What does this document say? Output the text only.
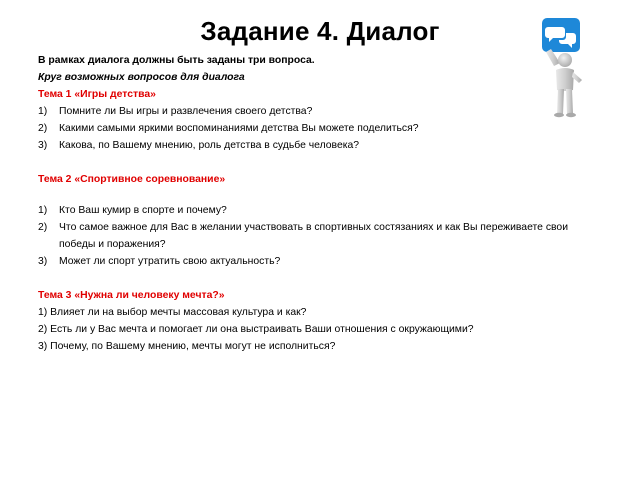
Задание 4. Диалог
В рамках диалога должны быть заданы три вопроса.
Круг возможных вопросов для диалога
Тема 1 «Игры детства»
1) Помните ли Вы игры и развлечения своего детства?
2) Какими самыми яркими воспоминаниями детства Вы можете поделиться?
3) Какова, по Вашему мнению, роль детства в судьбе человека?
Тема 2 «Спортивное соревнование»
1) Кто Ваш кумир в спорте и почему?
2) Что самое важное для Вас в желании участвовать в спортивных состязаниях и как Вы переживаете свои победы и поражения?
3) Может ли спорт утратить свою актуальность?
Тема 3 «Нужна ли человеку мечта?»
1) Влияет ли на выбор мечты массовая культура и как?
2) Есть ли у Вас мечта и помогает ли она выстраивать Ваши отношения с окружающими?
3) Почему, по Вашему мнению, мечты могут не исполниться?
